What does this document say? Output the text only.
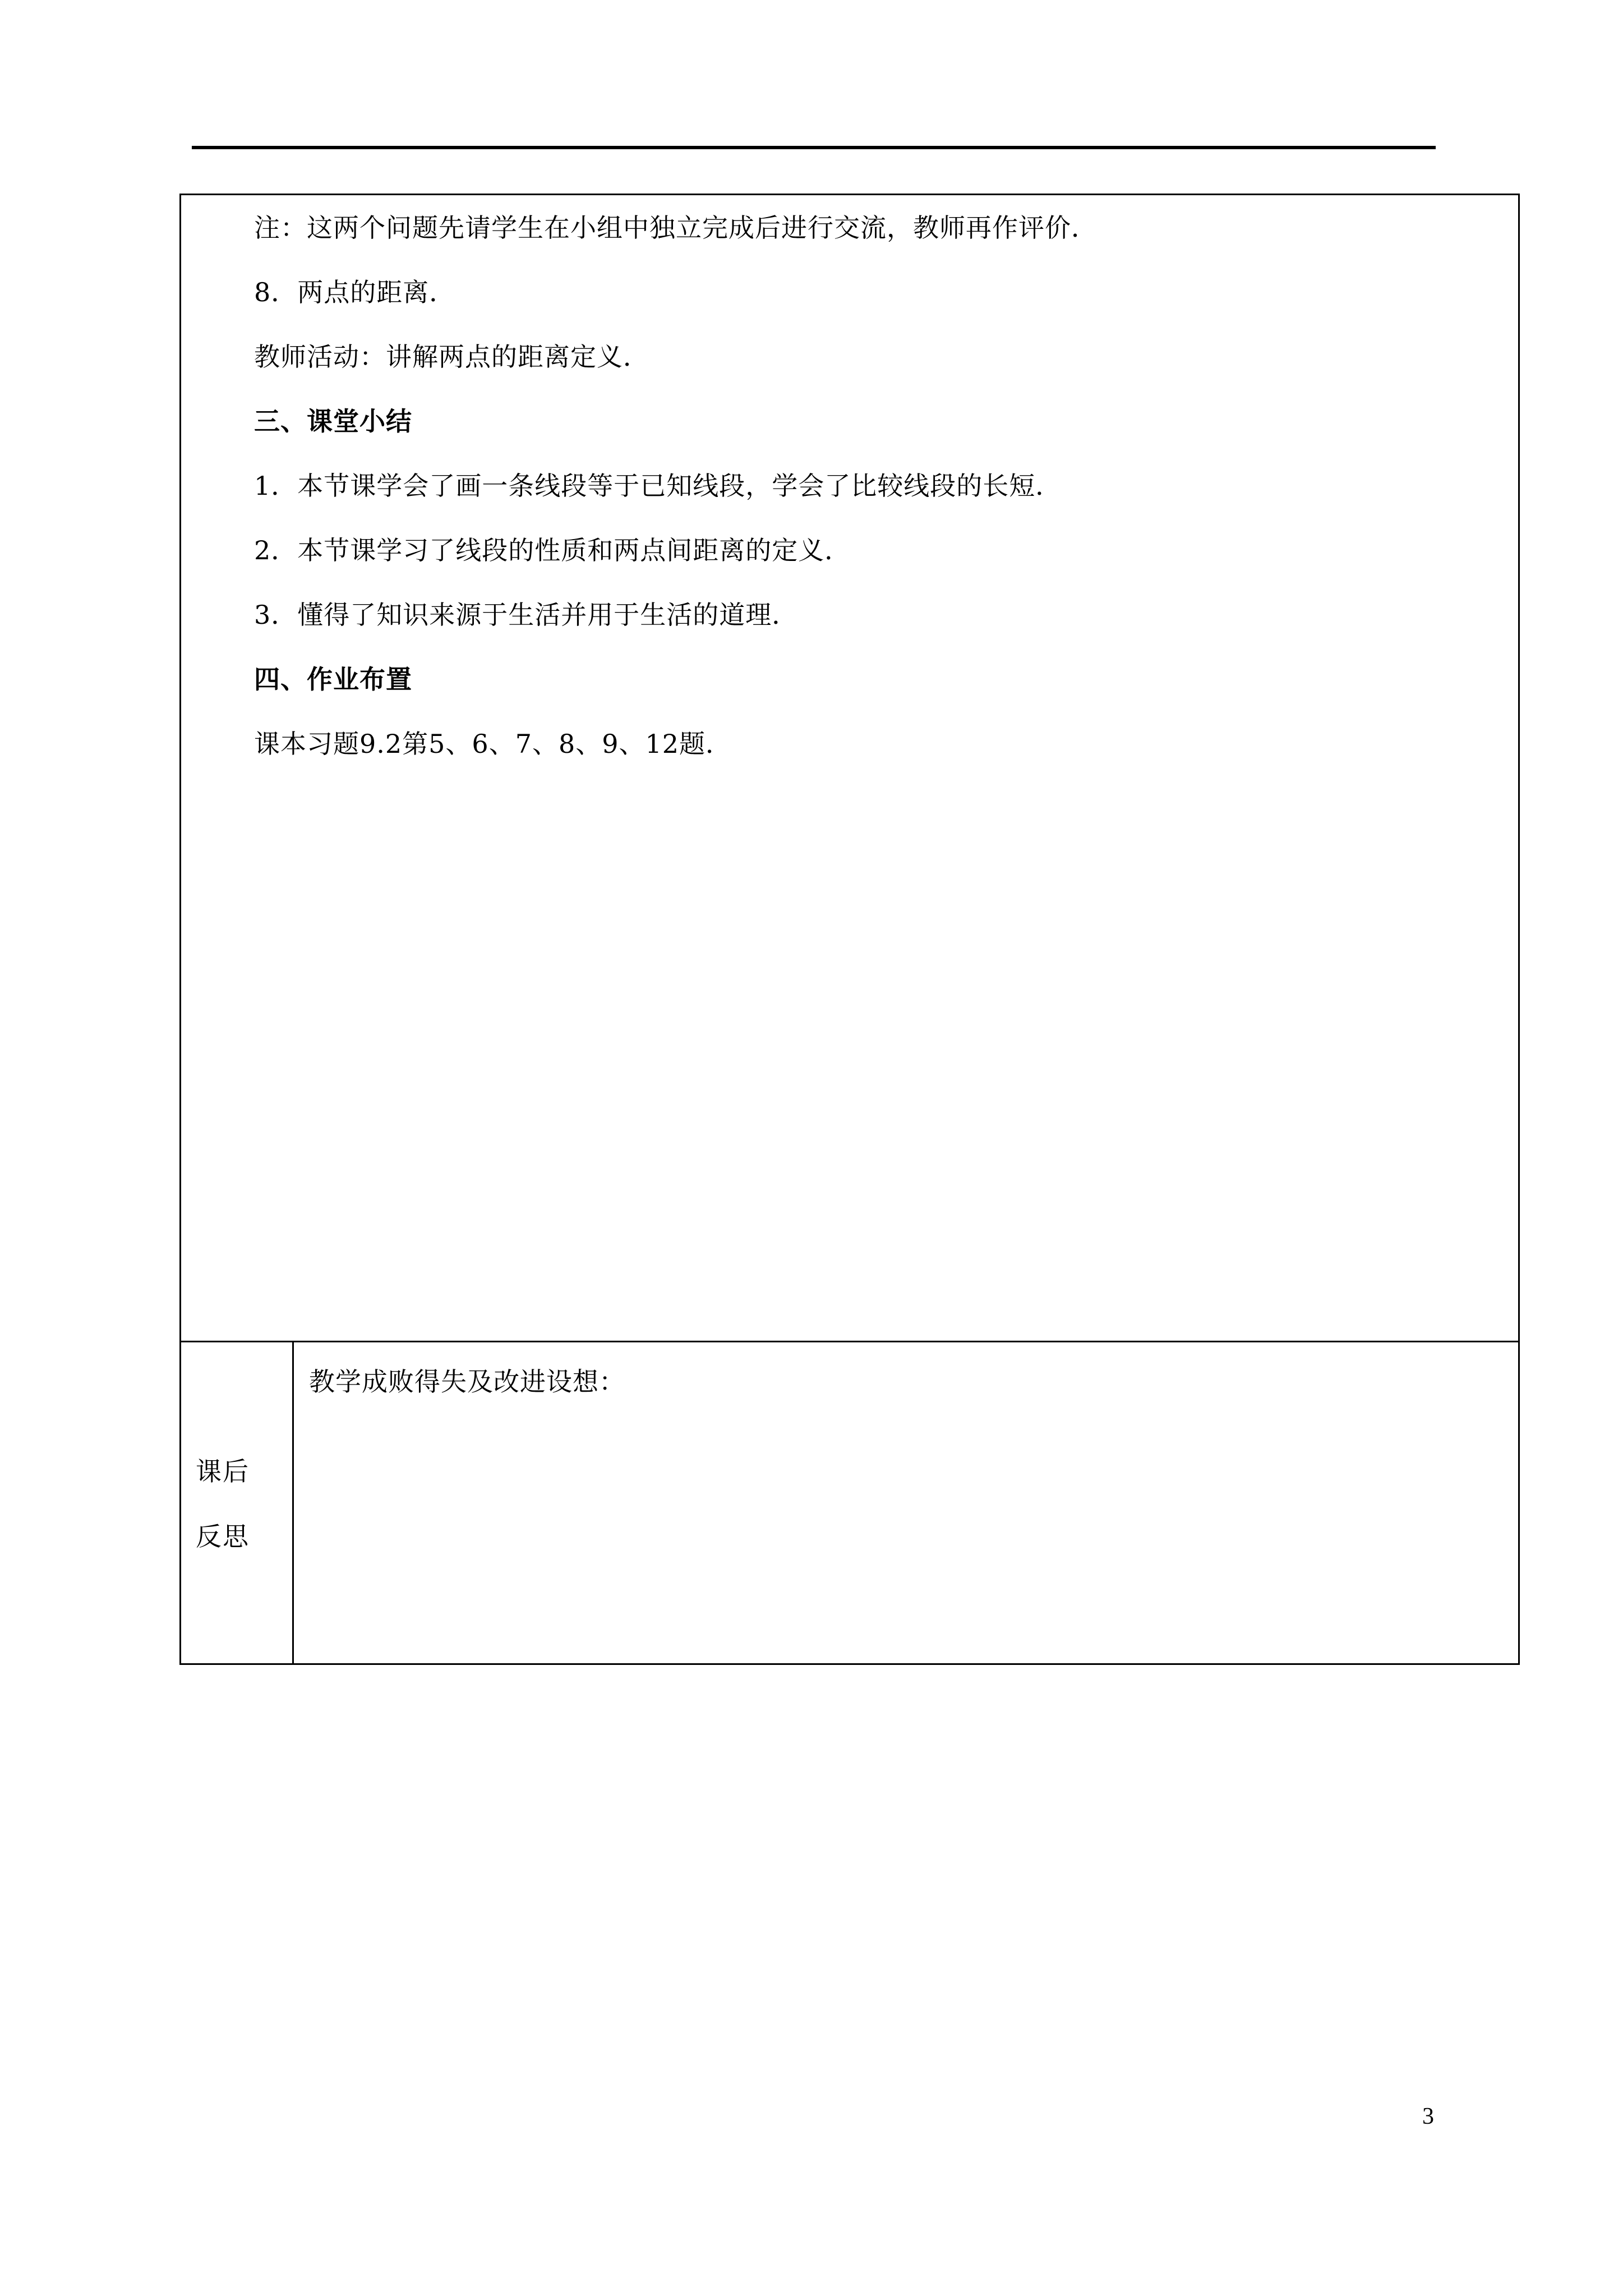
注：这两个问题先请学生在小组中独立完成后进行交流，教师再作评价．
8．两点的距离．
教师活动：讲解两点的距离定义．
三、课堂小结
1．本节课学会了画一条线段等于已知线段，学会了比较线段的长短．
2．本节课学习了线段的性质和两点间距离的定义．
3．懂得了知识来源于生活并用于生活的道理．
四、作业布置
课本习题9.2第5、6、7、8、9、12题．
课后
反思
教学成败得失及改进设想：
3
